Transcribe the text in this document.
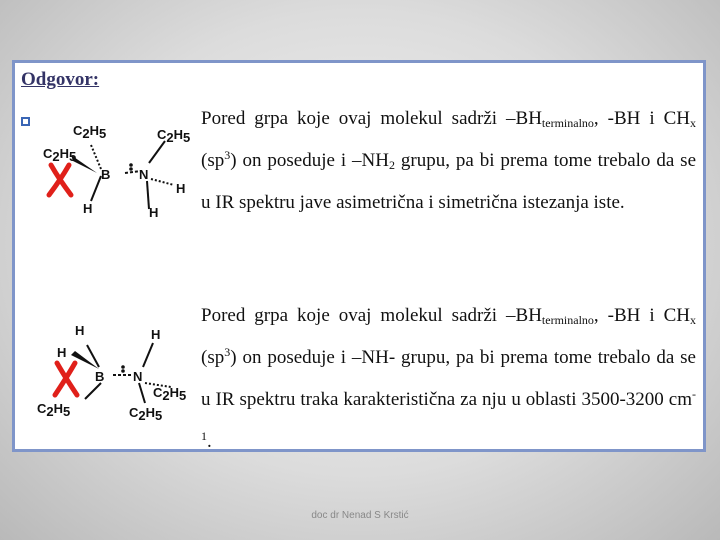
Odgovor:
C2H5
C2H5
C2H5
B N
H
H
H
H
H
H
B N
C2H5
C2H5	C2H5

Pored grpa koje ovaj molekul sadrži $-BH_{terminalno}$, -BH i $CH_x$ $(sp^3)$ on poseduje i $-NH_2$ grupu, pa bi prema tome trebalo da se u IR spektru jave asimetrična i simetrična istezanja iste.

Pored grpa koje ovaj molekul sadrži $-BH_{terminalno}$, -BH i $CH_x$ $(sp^3)$ on poseduje i –NH- grupu, pa bi prema tome trebalo da se u IR spektru traka karakteristična za nju u oblasti 3500-3200 $cm^{-1}$.

doc dr Nenad S Krstić
